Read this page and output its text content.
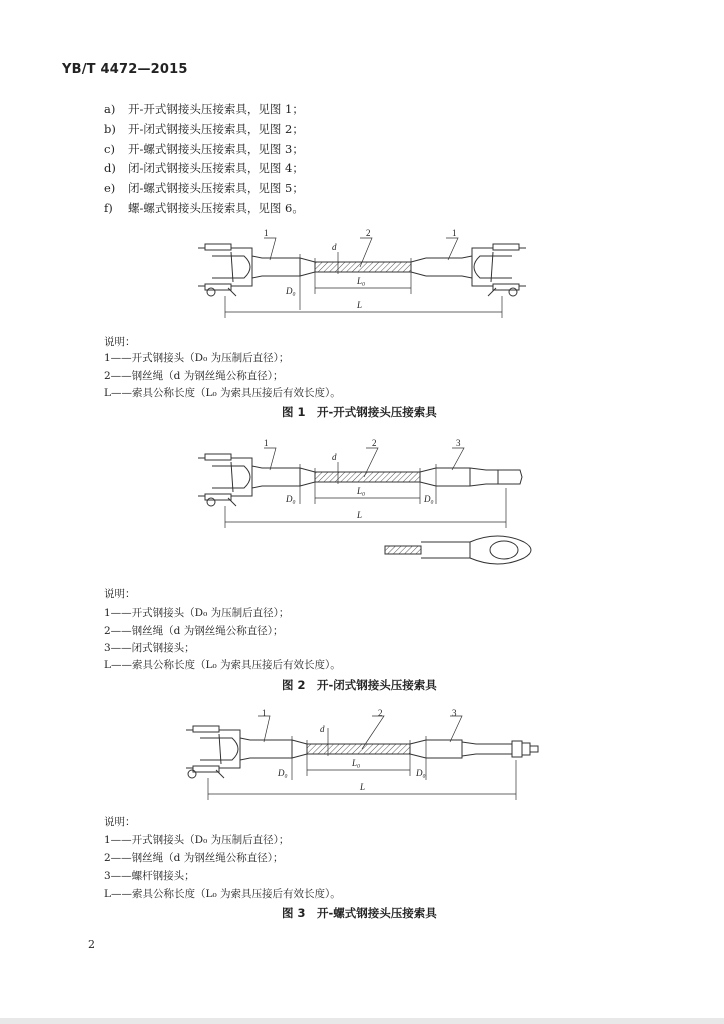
YB/T 4472—2015
a) 开-开式钢接头压接索具，见图 1；
b) 开-闭式钢接头压接索具，见图 2；
c) 开-螺式钢接头压接索具，见图 3；
d) 闭-闭式钢接头压接索具，见图 4；
e) 闭-螺式钢接头压接索具，见图 5；
f) 螺-螺式钢接头压接索具，见图 6。
1	2	1
d
D₀
L₀
L
说明：
1——开式钢接头（D₀ 为压制后直径）；
2——钢丝绳（d 为钢丝绳公称直径）；
L——索具公称长度（L₀ 为索具压接后有效长度）。
图 1　开-开式钢接头压接索具
1	2	3
d
D₀	D₀
L₀
L
说明：
1——开式钢接头（D₀ 为压制后直径）；
2——钢丝绳（d 为钢丝绳公称直径）；
3——闭式钢接头；
L——索具公称长度（L₀ 为索具压接后有效长度）。
图 2　开-闭式钢接头压接索具
1	2	3
d
D₀	D₀
L₀
L
说明：
1——开式钢接头（D₀ 为压制后直径）；
2——钢丝绳（d 为钢丝绳公称直径）；
3——螺杆钢接头；
L——索具公称长度（L₀ 为索具压接后有效长度）。
图 3　开-螺式钢接头压接索具
2
